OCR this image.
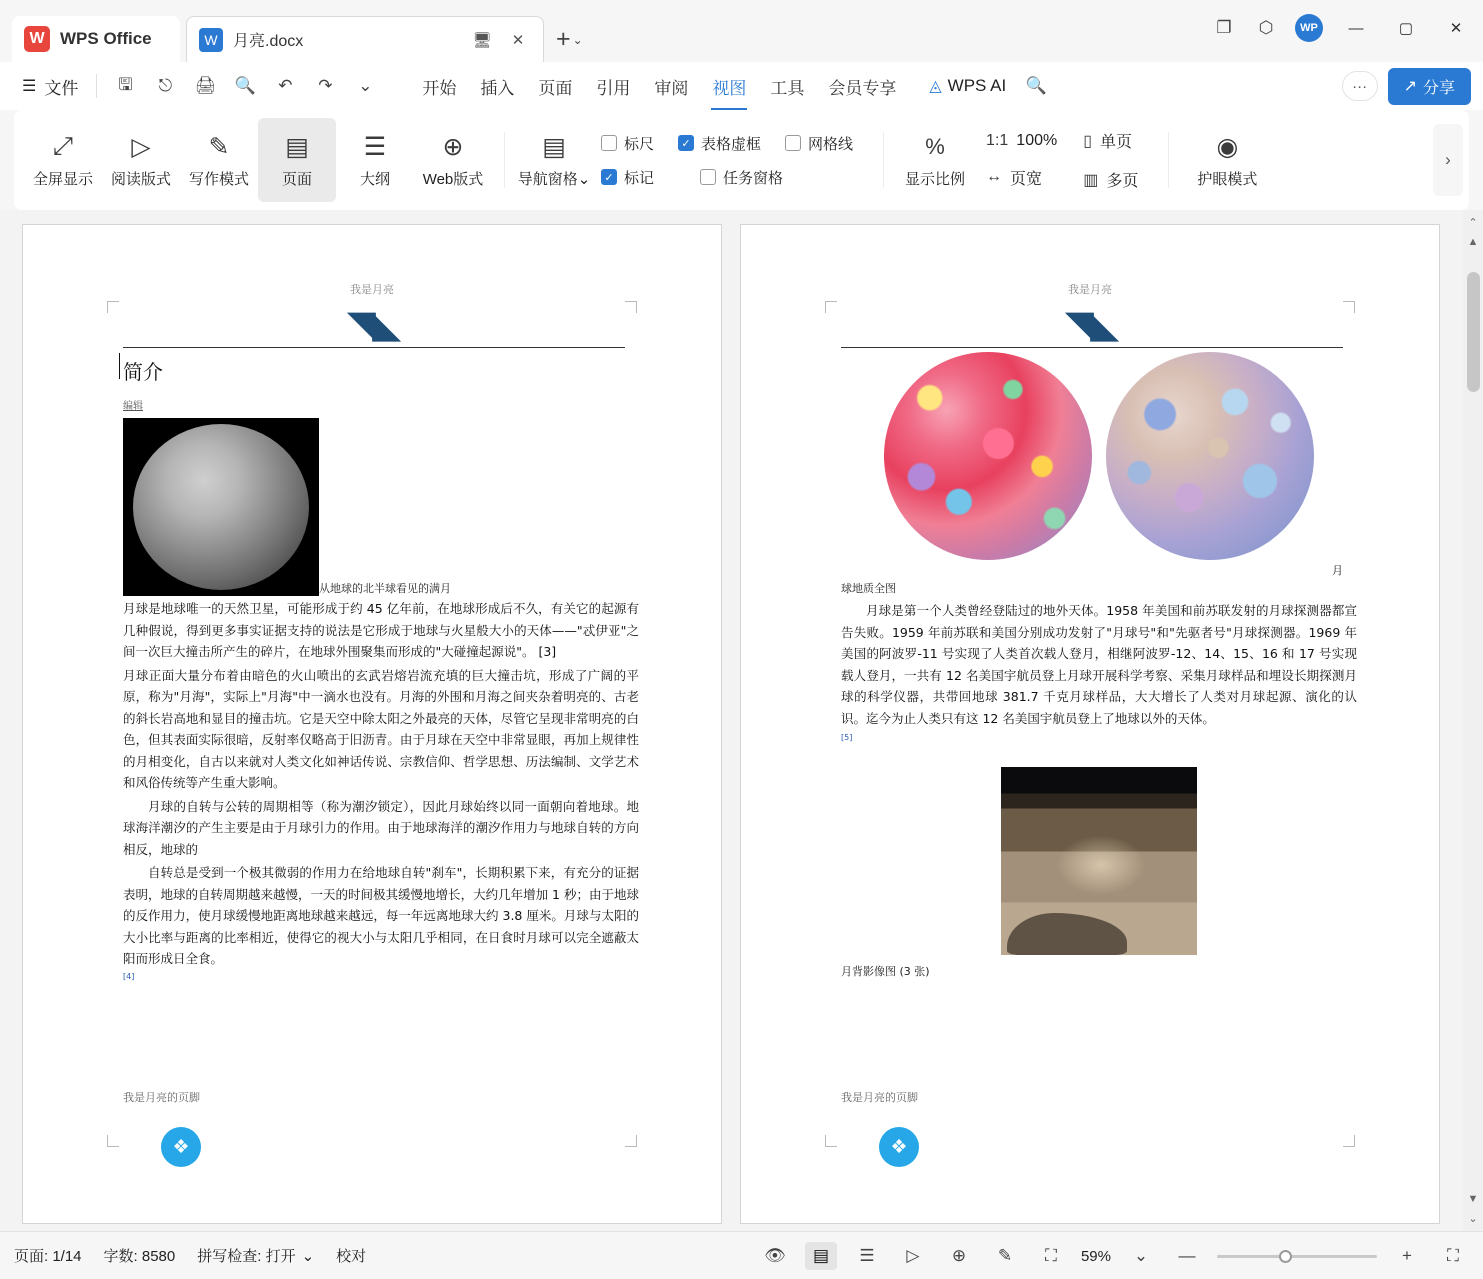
W WPS Office	W 月亮.docx	🖥	✕ + ⌄
❐	⬡	WP	—	▢	✕
☰ 文件	🖫	⎋	🖨	🔍	↶	↷	⌄	开始	插入	页面	引用	审阅	视图	工具	会员专享	◬ WPS AI	🔍	···	↗ 分享
⤢
全屏显示
▷
阅读版式
✎
写作模式
▤
页面
☰
大纲
⊕
Web版式
▤
导航窗格⌄
标尺	✓ 表格虚框	网格线
✓ 标记	任务窗格
%
显示比例
1:1 100%
↔ 页宽
▯ 单页
▥ 多页
◉
护眼模式
›
我是月亮
◥◣
简介
编辑
从地球的北半球看见的满月
月球是地球唯一的天然卫星，可能形成于约 45 亿年前，在地球形成后不久，有关它的起源有几种假说，得到更多事实证据支持的说法是它形成于地球与火星般大小的天体——"忒伊亚"之间一次巨大撞击所产生的碎片，在地球外围聚集而形成的"大碰撞起源说"。 [3]
月球正面大量分布着由暗色的火山喷出的玄武岩熔岩流充填的巨大撞击坑，形成了广阔的平原，称为"月海"，实际上"月海"中一滴水也没有。月海的外围和月海之间夹杂着明亮的、古老的斜长岩高地和显目的撞击坑。它是天空中除太阳之外最亮的天体，尽管它呈现非常明亮的白色，但其表面实际很暗，反射率仅略高于旧沥青。由于月球在天空中非常显眼，再加上规律性的月相变化，自古以来就对人类文化如神话传说、宗教信仰、哲学思想、历法编制、文学艺术和风俗传统等产生重大影响。
月球的自转与公转的周期相等（称为潮汐锁定），因此月球始终以同一面朝向着地球。地球海洋潮汐的产生主要是由于月球引力的作用。由于地球海洋的潮汐作用力与地球自转的方向相反，地球的
自转总是受到一个极其微弱的作用力在给地球自转"刹车"，长期积累下来，有充分的证据表明，地球的自转周期越来越慢，一天的时间极其缓慢地增长，大约几年增加 1 秒；由于地球的反作用力，使月球缓慢地距离地球越来越远，每一年远离地球大约 3.8 厘米。月球与太阳的大小比率与距离的比率相近，使得它的视大小与太阳几乎相同，在日食时月球可以完全遮蔽太阳而形成日全食。
[4]
我是月亮的页脚
❖
我是月亮
◥◣
月
球地质全图
月球是第一个人类曾经登陆过的地外天体。1958 年美国和前苏联发射的月球探测器都宣告失败。1959 年前苏联和美国分别成功发射了"月球号"和"先驱者号"月球探测器。1969 年美国的阿波罗-11 号实现了人类首次载人登月，相继阿波罗-12、14、15、16 和 17 号实现载人登月，一共有 12 名美国宇航员登上月球开展科学考察、采集月球样品和埋设长期探测月球的科学仪器，共带回地球 381.7 千克月球样品，大大增长了人类对月球起源、演化的认识。迄今为止人类只有这 12 名美国宇航员登上了地球以外的天体。
[5]
月背影像图 (3 张)
我是月亮的页脚
❖
⌃
▲
▼
⌄
页面: 1/14 字数: 8580 拼写检查: 打开 ⌄ 校对	👁	▤	☰	▷	⊕	✎	⛶	59%	⌄	—	+	⛶
